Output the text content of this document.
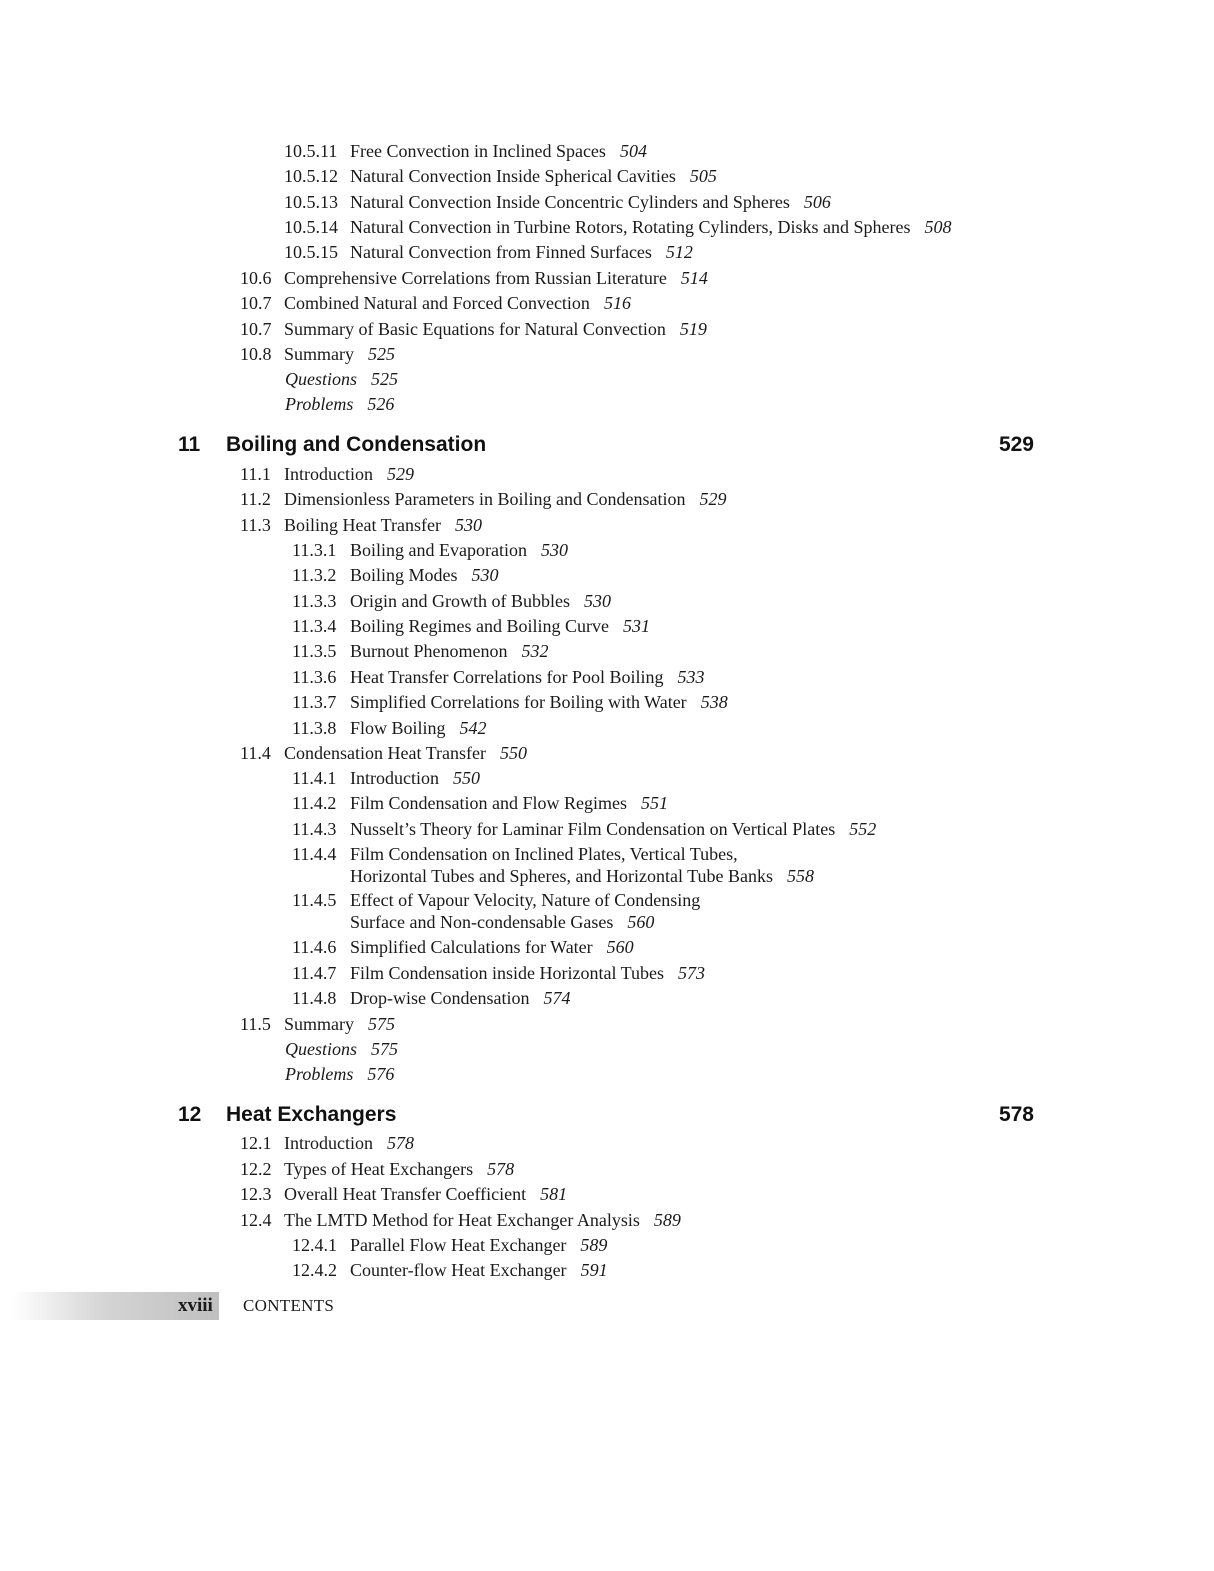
10.5.11 Free Convection in Inclined Spaces 504
10.5.12 Natural Convection Inside Spherical Cavities 505
10.5.13 Natural Convection Inside Concentric Cylinders and Spheres 506
10.5.14 Natural Convection in Turbine Rotors, Rotating Cylinders, Disks and Spheres 508
10.5.15 Natural Convection from Finned Surfaces 512
10.6 Comprehensive Correlations from Russian Literature 514
10.7 Combined Natural and Forced Convection 516
10.7 Summary of Basic Equations for Natural Convection 519
10.8 Summary 525
Questions 525
Problems 526
11 Boiling and Condensation	529
11.1 Introduction 529
11.2 Dimensionless Parameters in Boiling and Condensation 529
11.3 Boiling Heat Transfer 530
11.3.1 Boiling and Evaporation 530
11.3.2 Boiling Modes 530
11.3.3 Origin and Growth of Bubbles 530
11.3.4 Boiling Regimes and Boiling Curve 531
11.3.5 Burnout Phenomenon 532
11.3.6 Heat Transfer Correlations for Pool Boiling 533
11.3.7 Simplified Correlations for Boiling with Water 538
11.3.8 Flow Boiling 542
11.4 Condensation Heat Transfer 550
11.4.1 Introduction 550
11.4.2 Film Condensation and Flow Regimes 551
11.4.3 Nusselt’s Theory for Laminar Film Condensation on Vertical Plates 552
11.4.4 Film Condensation on Inclined Plates, Vertical Tubes,
Horizontal Tubes and Spheres, and Horizontal Tube Banks 558
11.4.5 Effect of Vapour Velocity, Nature of Condensing
Surface and Non-condensable Gases 560
11.4.6 Simplified Calculations for Water 560
11.4.7 Film Condensation inside Horizontal Tubes 573
11.4.8 Drop-wise Condensation 574
11.5 Summary 575
Questions 575
Problems 576
12 Heat Exchangers	578
12.1 Introduction 578
12.2 Types of Heat Exchangers 578
12.3 Overall Heat Transfer Coefficient 581
12.4 The LMTD Method for Heat Exchanger Analysis 589
12.4.1 Parallel Flow Heat Exchanger 589
12.4.2 Counter-flow Heat Exchanger 591
xviii CONTENTS
